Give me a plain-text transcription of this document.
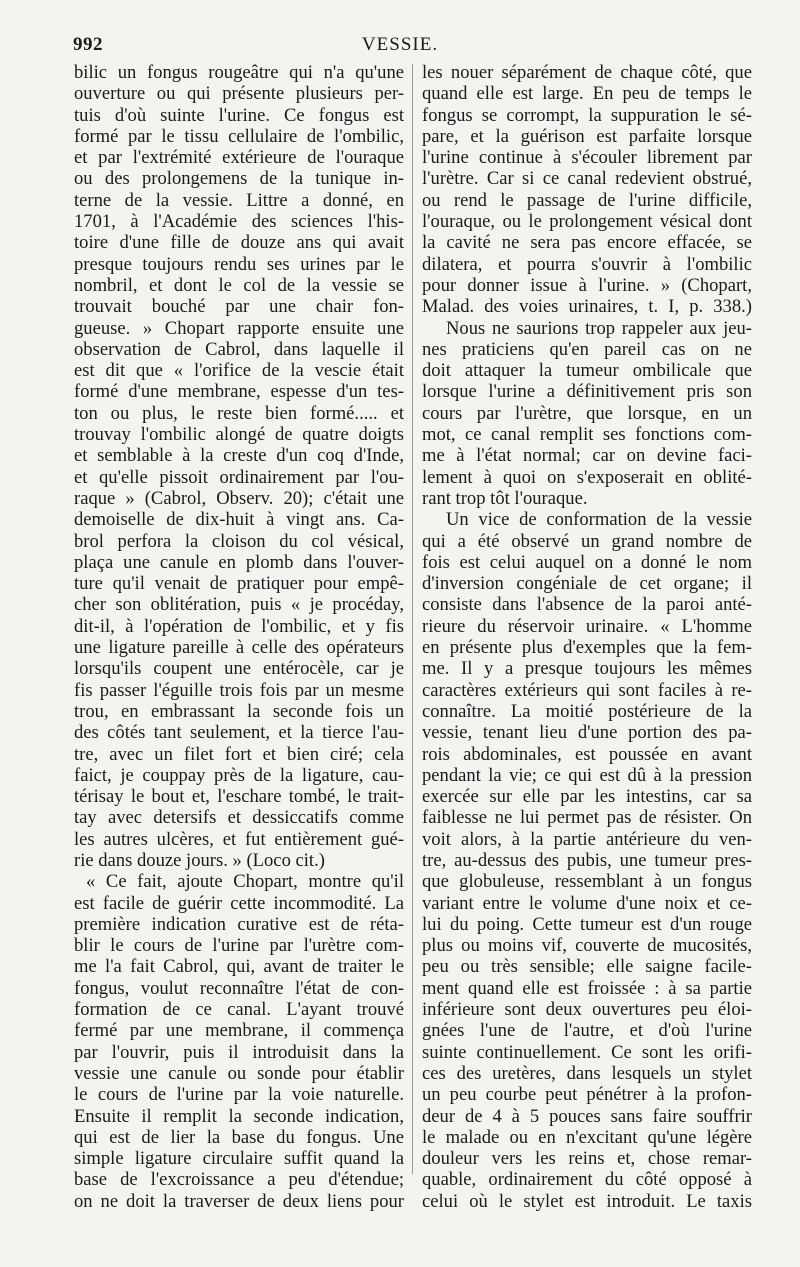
992	VESSIE.
bilic un fongus rougeâtre qui n'a qu'une
ouverture ou qui présente plusieurs per-
tuis d'où suinte l'urine. Ce fongus est
formé par le tissu cellulaire de l'ombilic,
et par l'extrémité extérieure de l'ouraque
ou des prolongemens de la tunique in-
terne de la vessie. Littre a donné, en
1701, à l'Académie des sciences l'his-
toire d'une fille de douze ans qui avait
presque toujours rendu ses urines par le
nombril, et dont le col de la vessie se
trouvait bouché par une chair fon-
gueuse. » Chopart rapporte ensuite une
observation de Cabrol, dans laquelle il
est dit que « l'orifice de la vescie était
formé d'une membrane, espesse d'un tes-
ton ou plus, le reste bien formé..... et
trouvay l'ombilic alongé de quatre doigts
et semblable à la creste d'un coq d'Inde,
et qu'elle pissoit ordinairement par l'ou-
raque » (Cabrol, Observ. 20); c'était une
demoiselle de dix-huit à vingt ans. Ca-
brol perfora la cloison du col vésical,
plaça une canule en plomb dans l'ouver-
ture qu'il venait de pratiquer pour empê-
cher son oblitération, puis « je procéday,
dit-il, à l'opération de l'ombilic, et y fis
une ligature pareille à celle des opérateurs
lorsqu'ils coupent une entérocèle, car je
fis passer l'éguille trois fois par un mesme
trou, en embrassant la seconde fois un
des côtés tant seulement, et la tierce l'au-
tre, avec un filet fort et bien ciré; cela
faict, je couppay près de la ligature, cau-
térisay le bout et, l'eschare tombé, le trait-
tay avec detersifs et dessiccatifs comme
les autres ulcères, et fut entièrement gué-
rie dans douze jours. » (Loco cit.)
« Ce fait, ajoute Chopart, montre qu'il
est facile de guérir cette incommodité. La
première indication curative est de réta-
blir le cours de l'urine par l'urètre com-
me l'a fait Cabrol, qui, avant de traiter le
fongus, voulut reconnaître l'état de con-
formation de ce canal. L'ayant trouvé
fermé par une membrane, il commença
par l'ouvrir, puis il introduisit dans la
vessie une canule ou sonde pour établir
le cours de l'urine par la voie naturelle.
Ensuite il remplit la seconde indication,
qui est de lier la base du fongus. Une
simple ligature circulaire suffit quand la
base de l'excroissance a peu d'étendue;
on ne doit la traverser de deux liens pour
les nouer séparément de chaque côté, que
quand elle est large. En peu de temps le
fongus se corrompt, la suppuration le sé-
pare, et la guérison est parfaite lorsque
l'urine continue à s'écouler librement par
l'urètre. Car si ce canal redevient obstrué,
ou rend le passage de l'urine difficile,
l'ouraque, ou le prolongement vésical dont
la cavité ne sera pas encore effacée, se
dilatera, et pourra s'ouvrir à l'ombilic
pour donner issue à l'urine. » (Chopart,
Malad. des voies urinaires, t. I, p. 338.)
Nous ne saurions trop rappeler aux jeu-
nes praticiens qu'en pareil cas on ne
doit attaquer la tumeur ombilicale que
lorsque l'urine a définitivement pris son
cours par l'urètre, que lorsque, en un
mot, ce canal remplit ses fonctions com-
me à l'état normal; car on devine faci-
lement à quoi on s'exposerait en oblité-
rant trop tôt l'ouraque.
Un vice de conformation de la vessie
qui a été observé un grand nombre de
fois est celui auquel on a donné le nom
d'inversion congéniale de cet organe; il
consiste dans l'absence de la paroi anté-
rieure du réservoir urinaire. « L'homme
en présente plus d'exemples que la fem-
me. Il y a presque toujours les mêmes
caractères extérieurs qui sont faciles à re-
connaître. La moitié postérieure de la
vessie, tenant lieu d'une portion des pa-
rois abdominales, est poussée en avant
pendant la vie; ce qui est dû à la pression
exercée sur elle par les intestins, car sa
faiblesse ne lui permet pas de résister. On
voit alors, à la partie antérieure du ven-
tre, au-dessus des pubis, une tumeur pres-
que globuleuse, ressemblant à un fongus
variant entre le volume d'une noix et ce-
lui du poing. Cette tumeur est d'un rouge
plus ou moins vif, couverte de mucosités,
peu ou très sensible; elle saigne facile-
ment quand elle est froissée : à sa partie
inférieure sont deux ouvertures peu éloi-
gnées l'une de l'autre, et d'où l'urine
suinte continuellement. Ce sont les orifi-
ces des uretères, dans lesquels un stylet
un peu courbe peut pénétrer à la profon-
deur de 4 à 5 pouces sans faire souffrir
le malade ou en n'excitant qu'une légère
douleur vers les reins et, chose remar-
quable, ordinairement du côté opposé à
celui où le stylet est introduit. Le taxis
